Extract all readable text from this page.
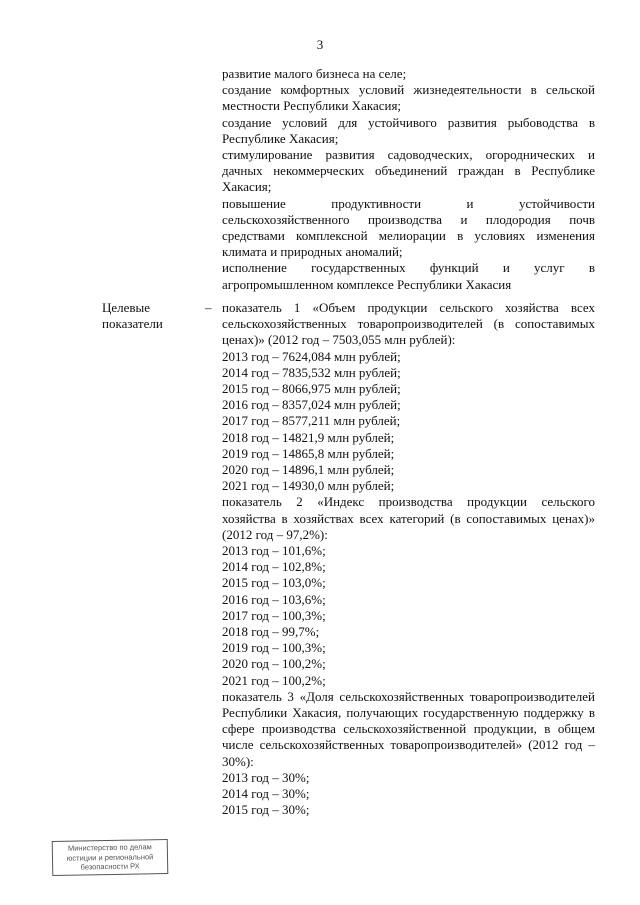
3
развитие малого бизнеса на селе;
создание комфортных условий жизнедеятельности в сельской местности Республики Хакасия;
создание условий для устойчивого развития рыбоводства в Республике Хакасия;
стимулирование развития садоводческих, огороднических и дачных некоммерческих объединений граждан в Республике Хакасия;
повышение продуктивности и устойчивости сельскохозяйственного производства и плодородия почв средствами комплексной мелиорации в условиях изменения климата и природных аномалий;
исполнение государственных функций и услуг в агропромышленном комплексе Республики Хакасия
Целевые показатели
– показатель 1 «Объем продукции сельского хозяйства всех сельскохозяйственных товаропроизводителей (в сопоставимых ценах)» (2012 год – 7503,055 млн рублей):
2013 год – 7624,084 млн рублей;
2014 год – 7835,532 млн рублей;
2015 год – 8066,975 млн рублей;
2016 год – 8357,024 млн рублей;
2017 год – 8577,211 млн рублей;
2018 год – 14821,9 млн рублей;
2019 год – 14865,8 млн рублей;
2020 год – 14896,1 млн рублей;
2021 год – 14930,0 млн рублей;
показатель 2 «Индекс производства продукции сельского хозяйства в хозяйствах всех категорий (в сопоставимых ценах)» (2012 год – 97,2%):
2013 год – 101,6%;
2014 год – 102,8%;
2015 год – 103,0%;
2016 год – 103,6%;
2017 год – 100,3%;
2018 год – 99,7%;
2019 год – 100,3%;
2020 год – 100,2%;
2021 год – 100,2%;
показатель 3 «Доля сельскохозяйственных товаропроизводителей Республики Хакасия, получающих государственную поддержку в сфере производства сельскохозяйственной продукции, в общем числе сельскохозяйственных товаропроизводителей» (2012 год – 30%):
2013 год – 30%;
2014 год – 30%;
2015 год – 30%;
Министерство по делам
юстиции и региональной
безопасности РХ
